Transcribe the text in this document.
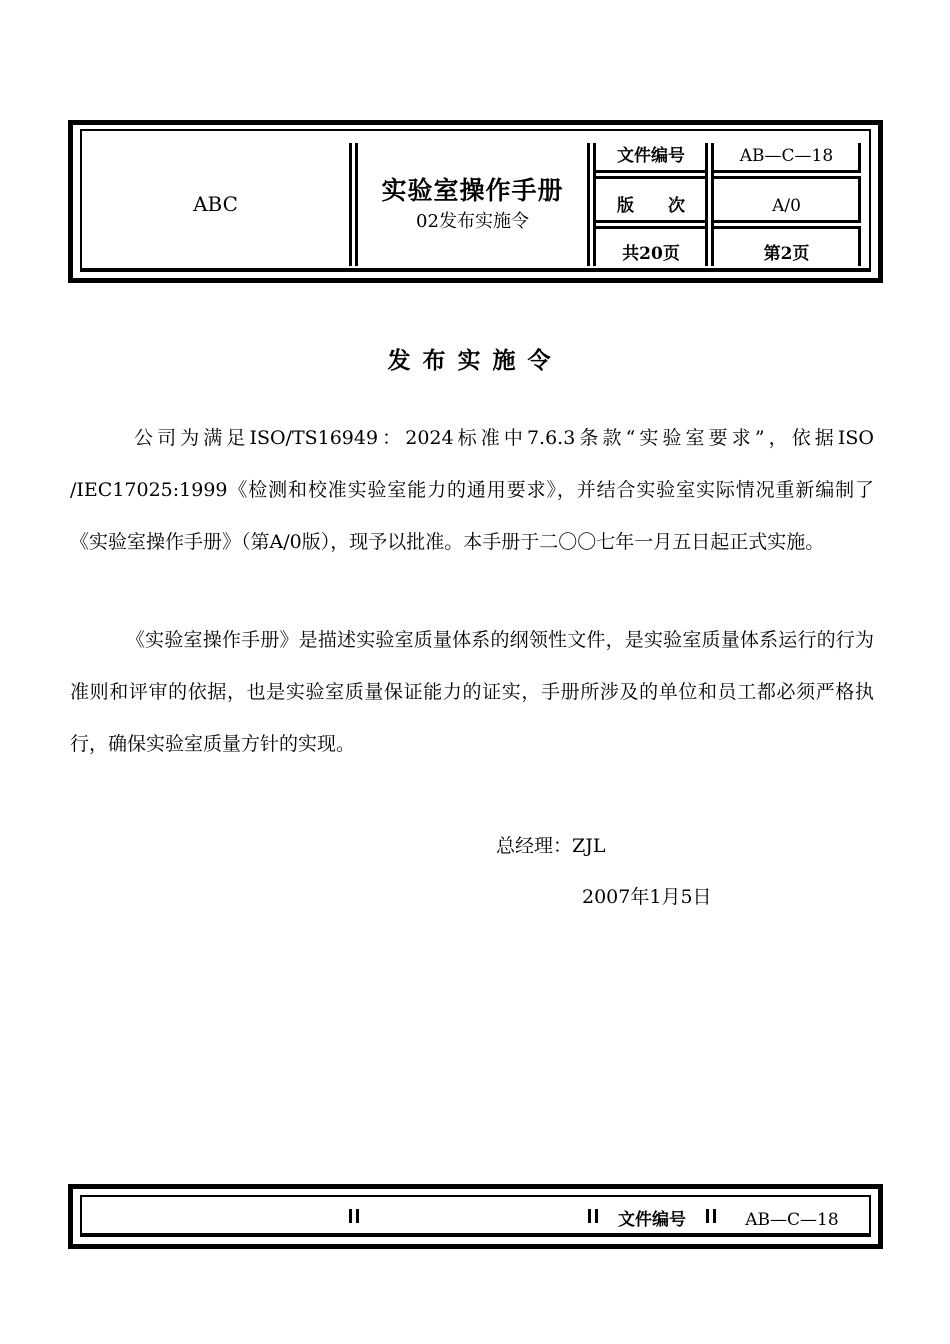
ABC	实验室操作手册
02发布实施令
文件编号	AB—C—18
版　　次	A/0
共20页	第2页
发布实施令

公司为满足ISO/TS16949：2024标准中7.6.3条款“实验室要求”，依据ISO /IEC17025:1999《检测和校准实验室能力的通用要求》，并结合实验室实际情况重新编制了《实验室操作手册》（第A/0版），现予以批准。本手册于二〇〇七年一月五日起正式实施。

《实验室操作手册》是描述实验室质量体系的纲领性文件，是实验室质量体系运行的行为准则和评审的依据，也是实验室质量保证能力的证实，手册所涉及的单位和员工都必须严格执行，确保实验室质量方针的实现。

总经理：ZJL
2007年1月5日
文件编号	AB—C—18
